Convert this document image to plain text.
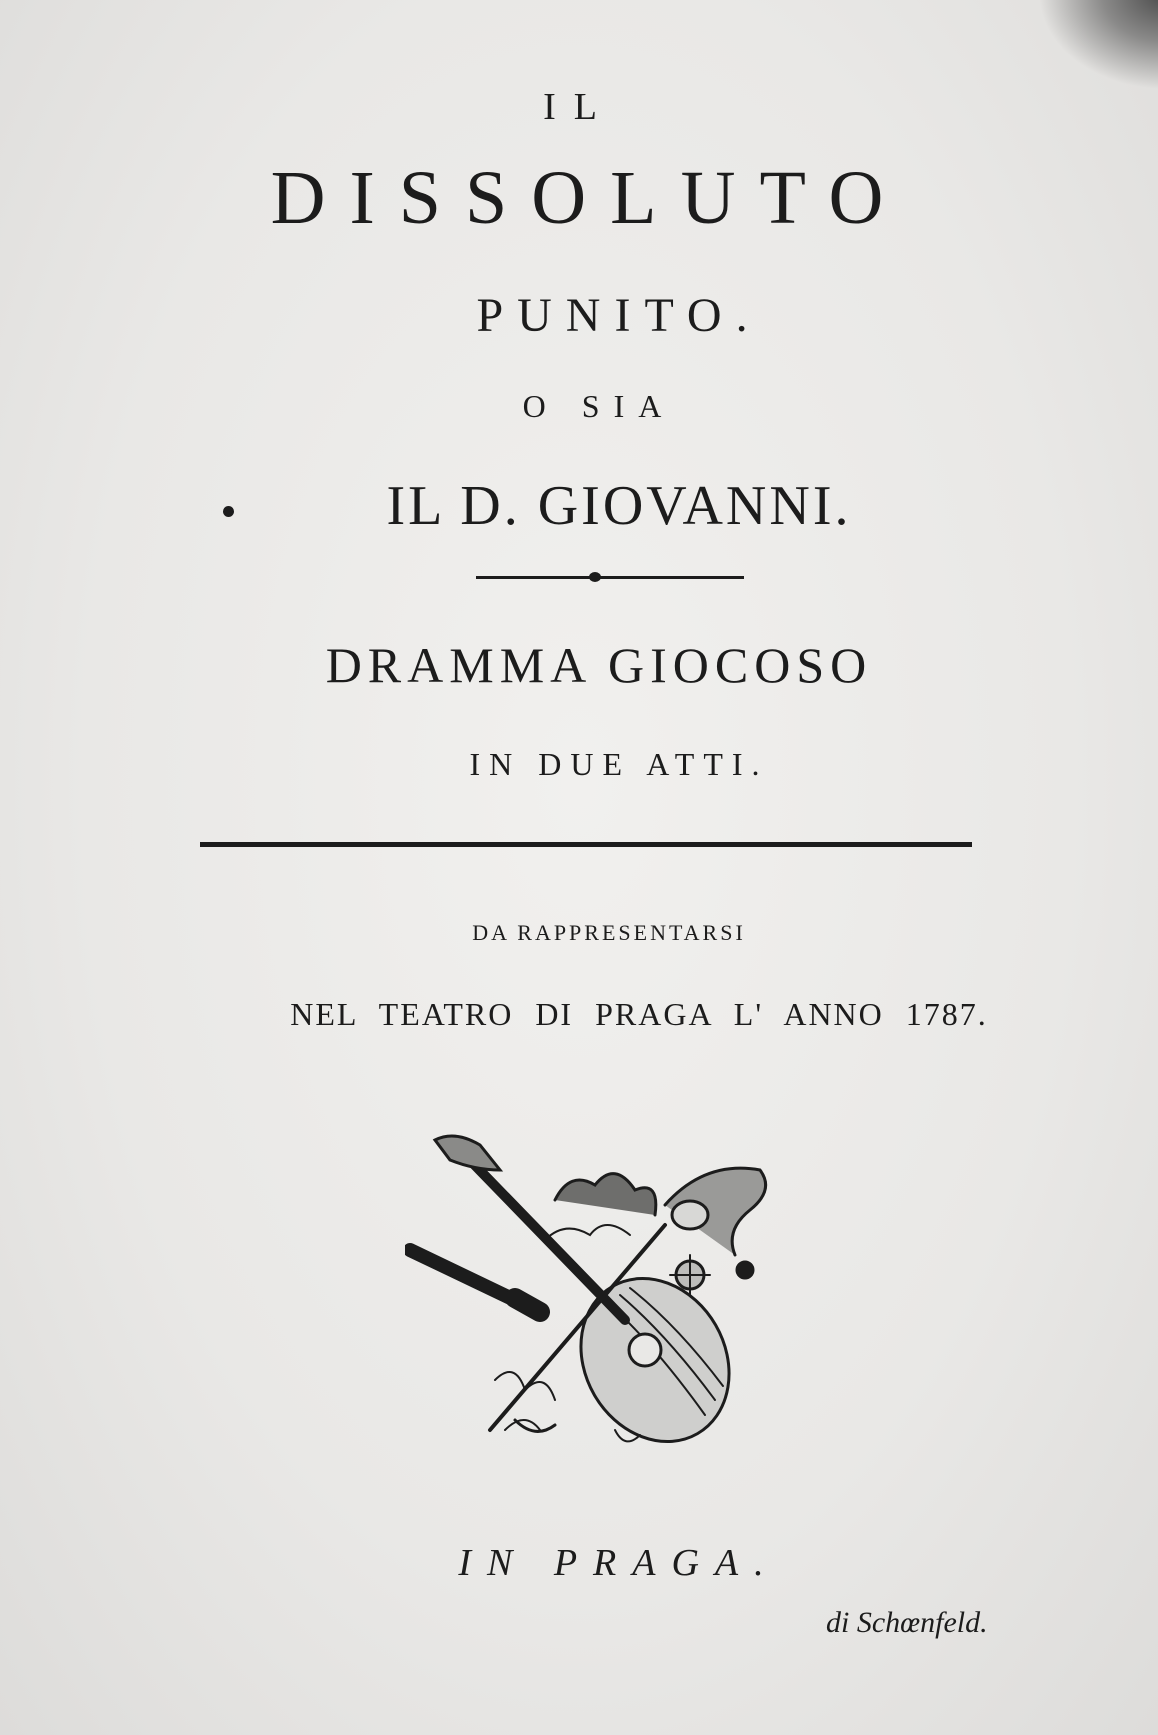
IL
DISSOLUTO
PUNITO.
O SIA
IL D. GIOVANNI.
DRAMMA GIOCOSO
IN DUE ATTI.
DA RAPPRESENTARSI
NEL TEATRO DI PRAGA L' ANNO 1787.
IN PRAGA.
di Schœnfeld.
